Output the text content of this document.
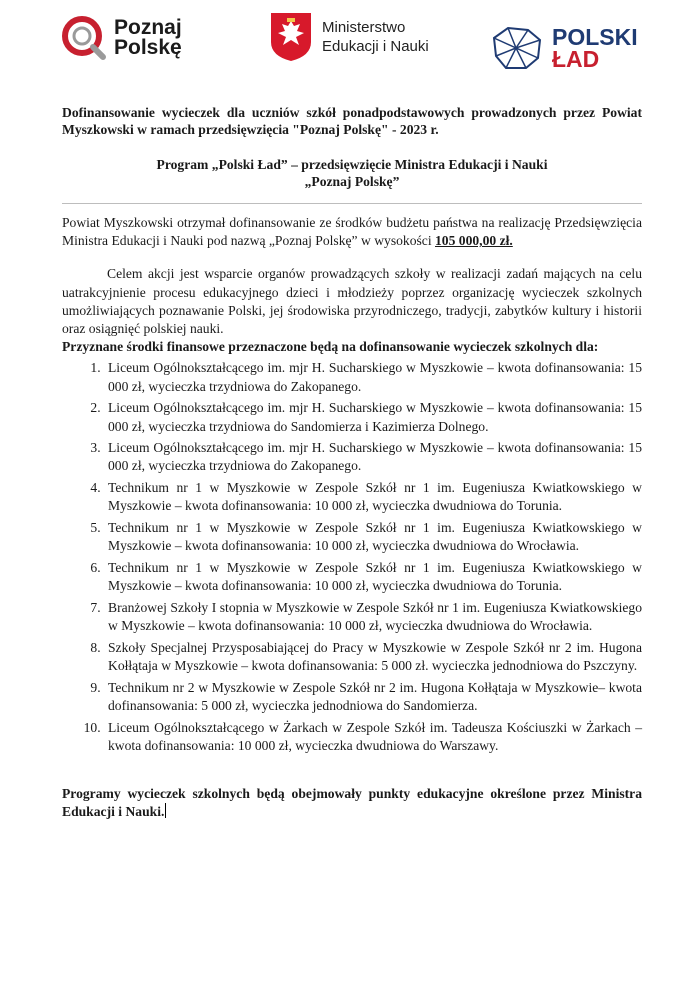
Poznaj
Polskę
Ministerstwo
Edukacji i Nauki	POLSKI
ŁAD

Dofinansowanie wycieczek dla uczniów szkół ponadpodstawowych prowadzonych przez Powiat Myszkowski w ramach przedsięwzięcia "Poznaj Polskę" - 2023 r.

Program „Polski Ład” – przedsięwzięcie Ministra Edukacji i Nauki
„Poznaj Polskę”

Powiat Myszkowski otrzymał dofinansowanie ze środków budżetu państwa na realizację Przedsięwzięcia Ministra Edukacji i Nauki pod nazwą „Poznaj Polskę” w wysokości 105 000,00 zł.

Celem akcji jest wsparcie organów prowadzących szkoły w realizacji zadań mających na celu uatrakcyjnienie procesu edukacyjnego dzieci i młodzieży poprzez organizację wycieczek szkolnych umożliwiających poznawanie Polski, jej środowiska przyrodniczego, tradycji, zabytków kultury i historii oraz osiągnięć polskiej nauki.

Przyznane środki finansowe przeznaczone będą na dofinansowanie wycieczek szkolnych dla:

1. Liceum Ogólnokształcącego im. mjr H. Sucharskiego w Myszkowie – kwota dofinansowania: 15 000 zł, wycieczka trzydniowa do Zakopanego.
2. Liceum Ogólnokształcącego im. mjr H. Sucharskiego w Myszkowie – kwota dofinansowania: 15 000 zł, wycieczka trzydniowa do Sandomierza i Kazimierza Dolnego.
3. Liceum Ogólnokształcącego im. mjr H. Sucharskiego w Myszkowie – kwota dofinansowania: 15 000 zł, wycieczka trzydniowa do Zakopanego.
4. Technikum nr 1 w Myszkowie w Zespole Szkół nr 1 im. Eugeniusza Kwiatkowskiego w Myszkowie – kwota dofinansowania: 10 000 zł, wycieczka dwudniowa do Torunia.
5. Technikum nr 1 w Myszkowie w Zespole Szkół nr 1 im. Eugeniusza Kwiatkowskiego w Myszkowie – kwota dofinansowania: 10 000 zł, wycieczka dwudniowa do Wrocławia.
6. Technikum nr 1 w Myszkowie w Zespole Szkół nr 1 im. Eugeniusza Kwiatkowskiego w Myszkowie – kwota dofinansowania: 10 000 zł, wycieczka dwudniowa do Torunia.
7. Branżowej Szkoły I stopnia w Myszkowie w Zespole Szkół nr 1 im. Eugeniusza Kwiatkowskiego w Myszkowie – kwota dofinansowania: 10 000 zł, wycieczka dwudniowa do Wrocławia.
8. Szkoły Specjalnej Przysposabiającej do Pracy w Myszkowie w Zespole Szkół nr 2 im. Hugona Kołłątaja w Myszkowie – kwota dofinansowania: 5 000 zł. wycieczka jednodniowa do Pszczyny.
9. Technikum nr 2 w Myszkowie w Zespole Szkół nr 2 im. Hugona Kołłątaja w Myszkowie– kwota dofinansowania: 5 000 zł, wycieczka jednodniowa do Sandomierza.
10. Liceum Ogólnokształcącego w Żarkach w Zespole Szkół im. Tadeusza Kościuszki w Żarkach – kwota dofinansowania: 10 000 zł, wycieczka dwudniowa do Warszawy.

Programy wycieczek szkolnych będą obejmowały punkty edukacyjne określone przez Ministra Edukacji i Nauki.
